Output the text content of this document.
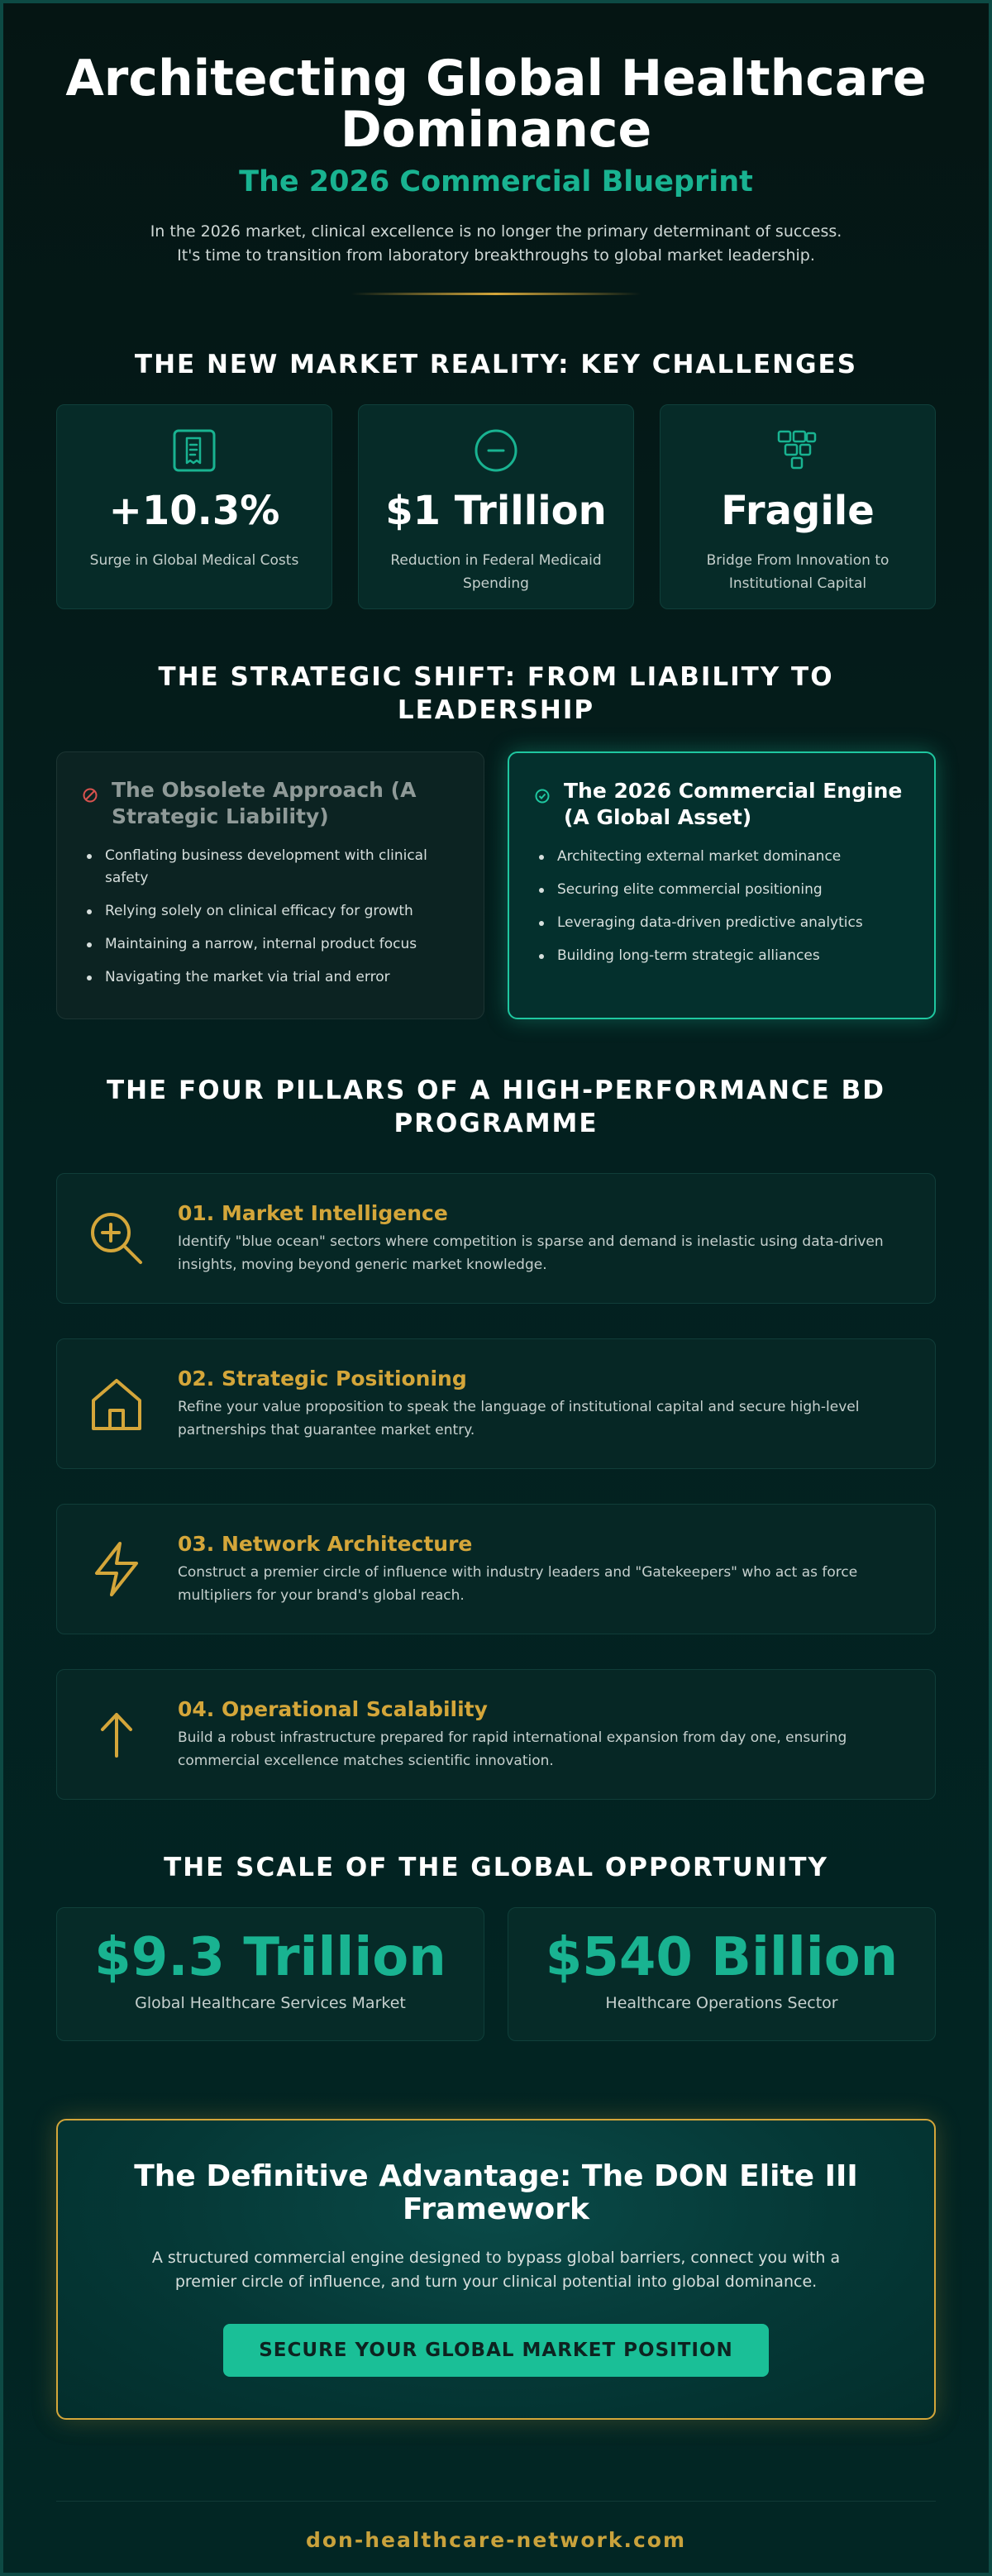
Architecting Global Healthcare
Dominance
The 2026 Commercial Blueprint
In the 2026 market, clinical excellence is no longer the primary determinant of success.
It's time to transition from laboratory breakthroughs to global market leadership.
THE NEW MARKET REALITY: KEY CHALLENGES
+10.3%
Surge in Global Medical Costs
$1 Trillion
Reduction in Federal Medicaid Spending
Fragile
Bridge From Innovation to Institutional Capital
THE STRATEGIC SHIFT: FROM LIABILITY TO LEADERSHIP
The Obsolete Approach (A Strategic Liability)
Conflating business development with clinical safety
Relying solely on clinical efficacy for growth
Maintaining a narrow, internal product focus
Navigating the market via trial and error
The 2026 Commercial Engine (A Global Asset)
Architecting external market dominance
Securing elite commercial positioning
Leveraging data-driven predictive analytics
Building long-term strategic alliances
THE FOUR PILLARS OF A HIGH-PERFORMANCE BD
PROGRAMME
01. Market Intelligence
Identify "blue ocean" sectors where competition is sparse and demand is inelastic using data-driven insights, moving beyond generic market knowledge.
02. Strategic Positioning
Refine your value proposition to speak the language of institutional capital and secure high-level partnerships that guarantee market entry.
03. Network Architecture
Construct a premier circle of influence with industry leaders and "Gatekeepers" who act as force multipliers for your brand's global reach.
04. Operational Scalability
Build a robust infrastructure prepared for rapid international expansion from day one, ensuring commercial excellence matches scientific innovation.
THE SCALE OF THE GLOBAL OPPORTUNITY
$9.3 Trillion
Global Healthcare Services Market
$540 Billion
Healthcare Operations Sector
The Definitive Advantage: The DON Elite III Framework
A structured commercial engine designed to bypass global barriers, connect you with a premier circle of influence, and turn your clinical potential into global dominance.
SECURE YOUR GLOBAL MARKET POSITION
don-healthcare-network.com
